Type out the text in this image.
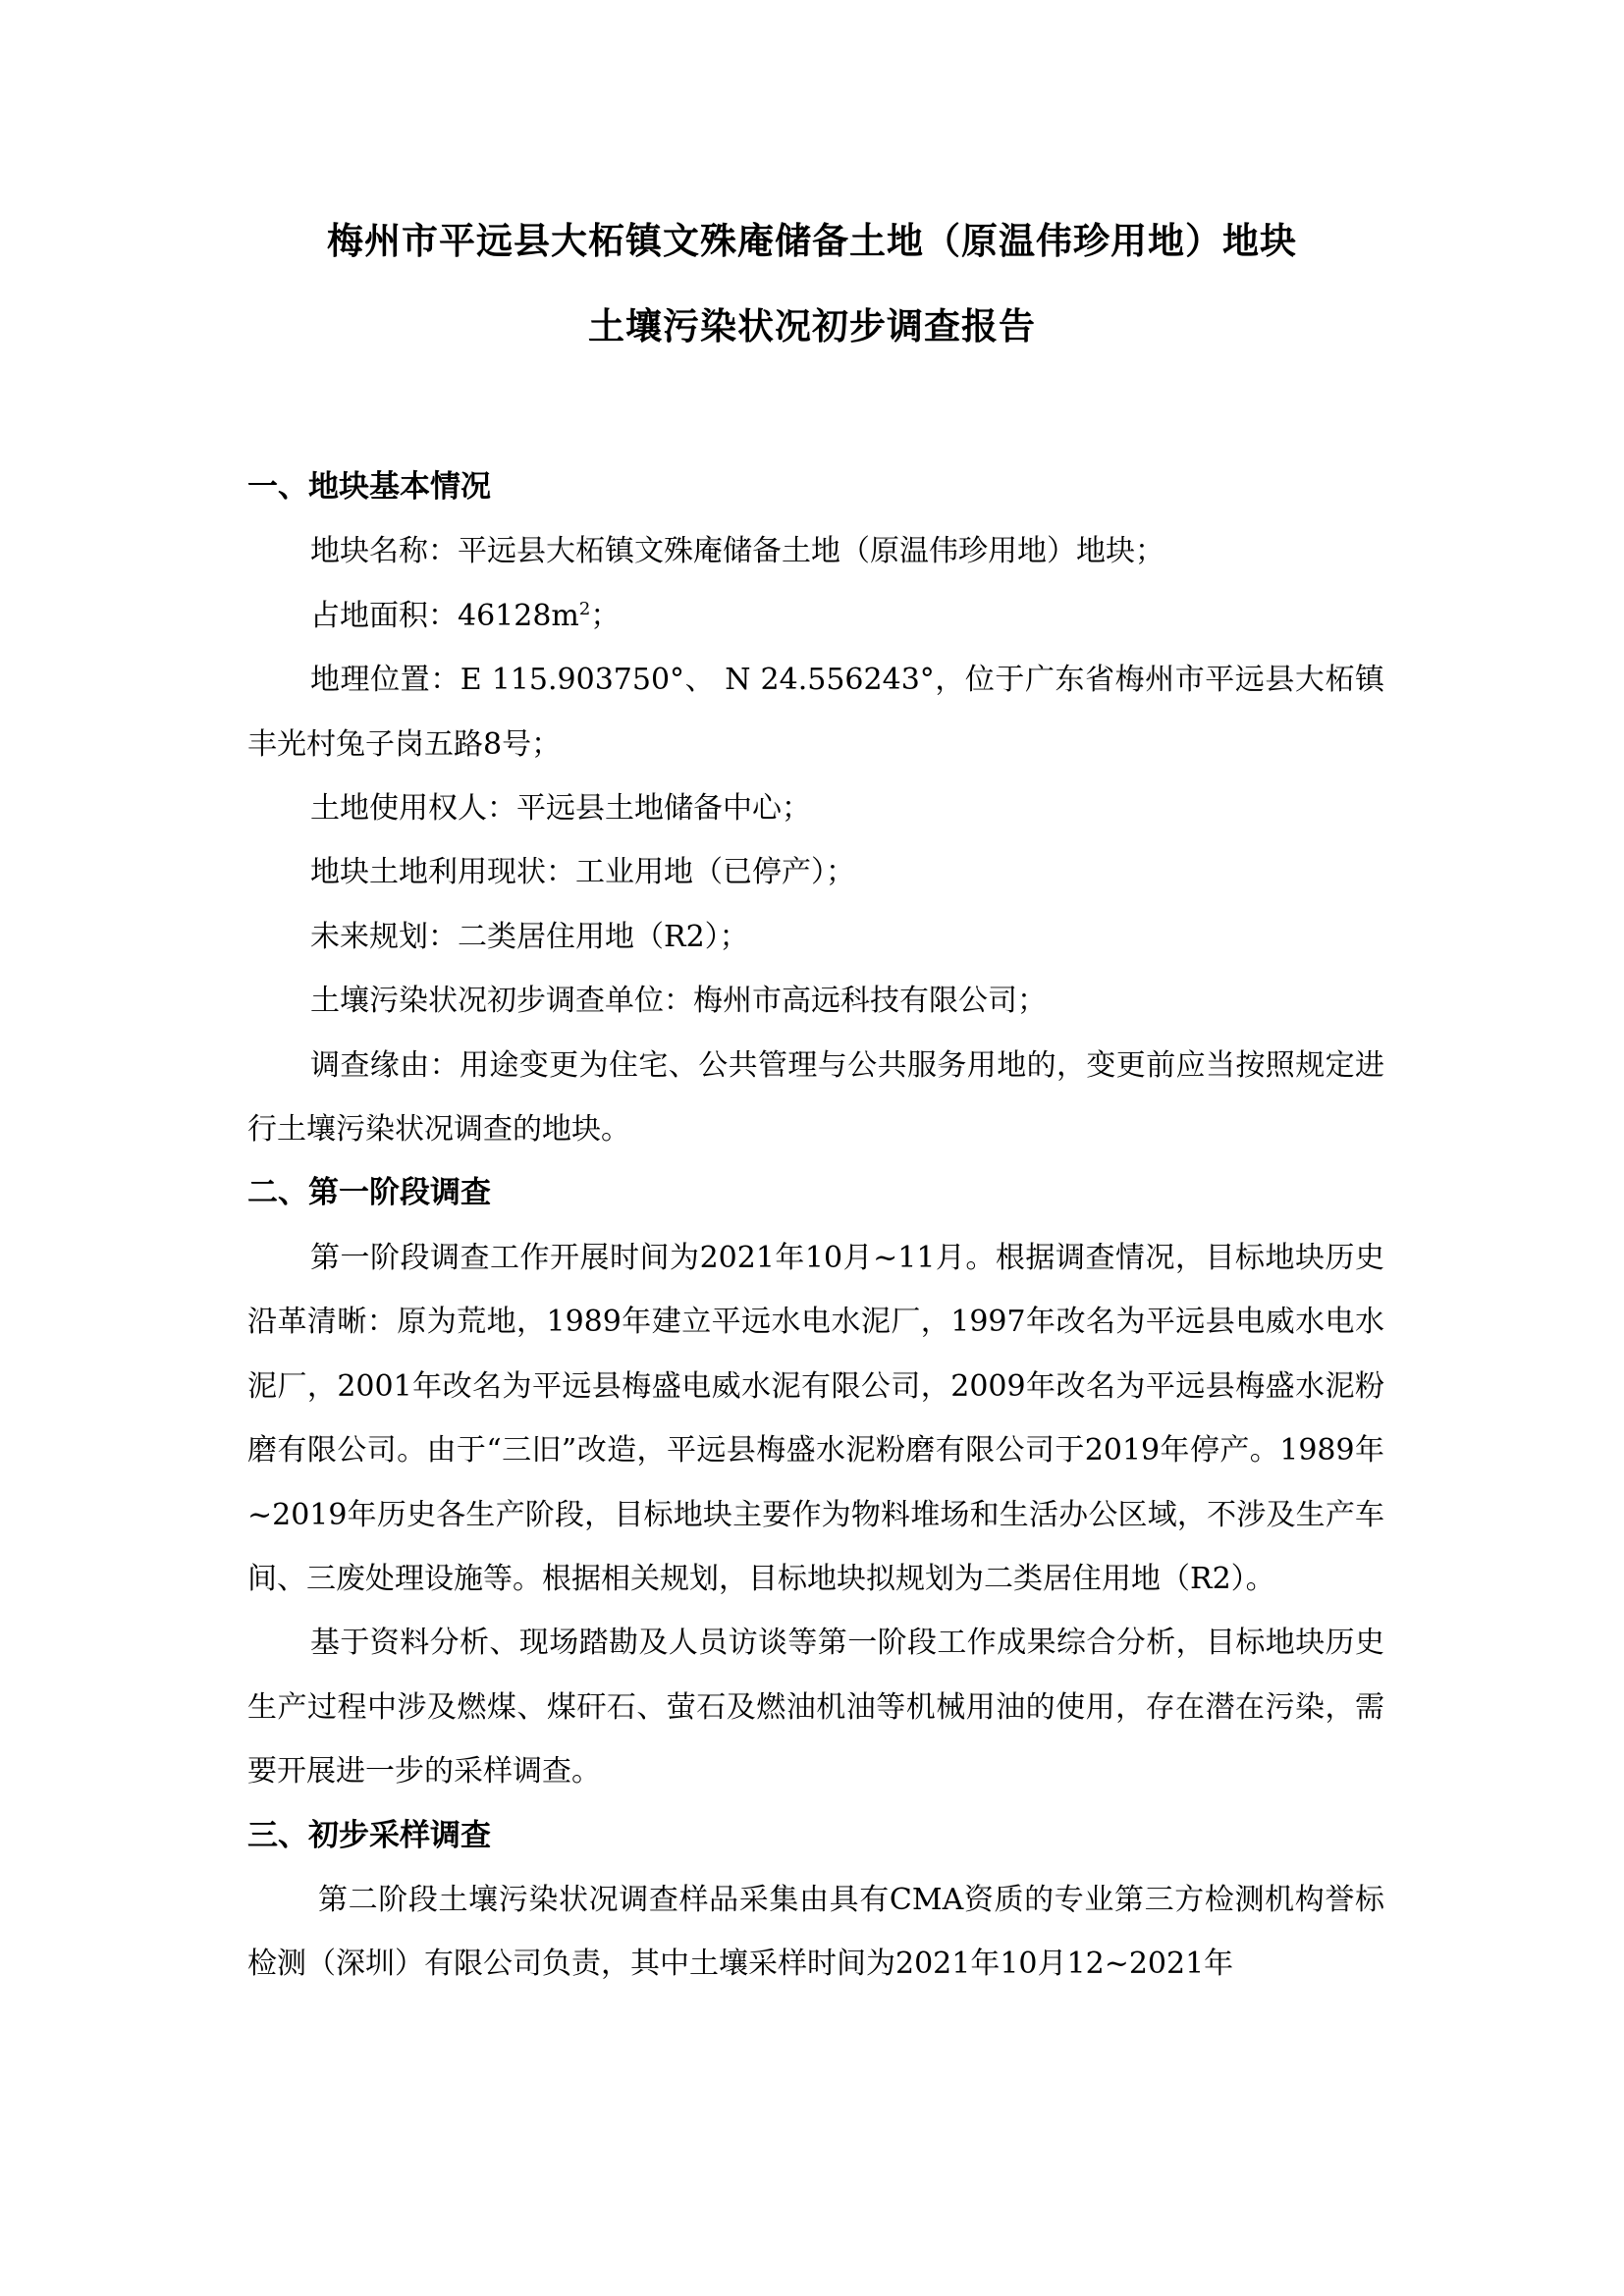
梅州市平远县大柘镇文殊庵储备土地（原温伟珍用地）地块
土壤污染状况初步调查报告

一、地块基本情况

地块名称：平远县大柘镇文殊庵储备土地（原温伟珍用地）地块；

占地面积：$46128m^2$；

地理位置：E 115.903750°、 N 24.556243°，位于广东省梅州市平远县大柘镇丰光村兔子岗五路8号；

土地使用权人：平远县土地储备中心；

地块土地利用现状：工业用地（已停产）；

未来规划：二类居住用地（R2）；

土壤污染状况初步调查单位：梅州市高远科技有限公司；

调查缘由：用途变更为住宅、公共管理与公共服务用地的，变更前应当按照规定进行土壤污染状况调查的地块。

二、第一阶段调查

第一阶段调查工作开展时间为2021年10月~11月。根据调查情况，目标地块历史沿革清晰：原为荒地，1989年建立平远水电水泥厂，1997年改名为平远县电威水电水泥厂，2001年改名为平远县梅盛电威水泥有限公司，2009年改名为平远县梅盛水泥粉磨有限公司。由于“三旧”改造，平远县梅盛水泥粉磨有限公司于2019年停产。1989年~2019年历史各生产阶段，目标地块主要作为物料堆场和生活办公区域，不涉及生产车间、三废处理设施等。根据相关规划，目标地块拟规划为二类居住用地（R2）。

基于资料分析、现场踏勘及人员访谈等第一阶段工作成果综合分析，目标地块历史生产过程中涉及燃煤、煤矸石、萤石及燃油机油等机械用油的使用，存在潜在污染，需要开展进一步的采样调查。

三、初步采样调查

第二阶段土壤污染状况调查样品采集由具有CMA资质的专业第三方检测机构誉标检测（深圳）有限公司负责，其中土壤采样时间为2021年10月12~2021年
